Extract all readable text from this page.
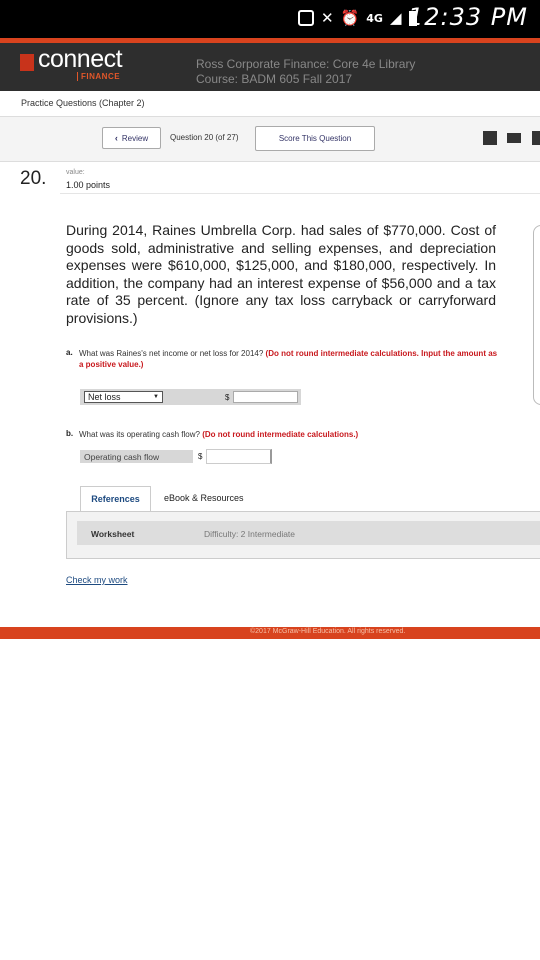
✕ ⏰ 4G ◢ 12:33 PM
connect
FINANCE
Ross Corporate Finance: Core 4e Library
Course: BADM 605 Fall 2017
Practice Questions (Chapter 2)
‹ Review	Question 20 (of 27)	Score This Question
20.	value:
1.00 points
During 2014, Raines Umbrella Corp. had sales of $770,000. Cost of goods sold, administrative and selling expenses, and depreciation expenses were $610,000, $125,000, and $180,000, respectively. In addition, the company had an interest expense of $56,000 and a tax rate of 35 percent. (Ignore any tax loss carryback or carryforward provisions.)
a. What was Raines's net income or net loss for 2014? (Do not round intermediate calculations. Input the amount as a positive value.)
Net loss	▼	$
b. What was its operating cash flow? (Do not round intermediate calculations.)
Operating cash flow	$
References	eBook & Resources
Worksheet	Difficulty: 2 Intermediate
Check my work
©2017 McGraw-Hill Education. All rights reserved.
